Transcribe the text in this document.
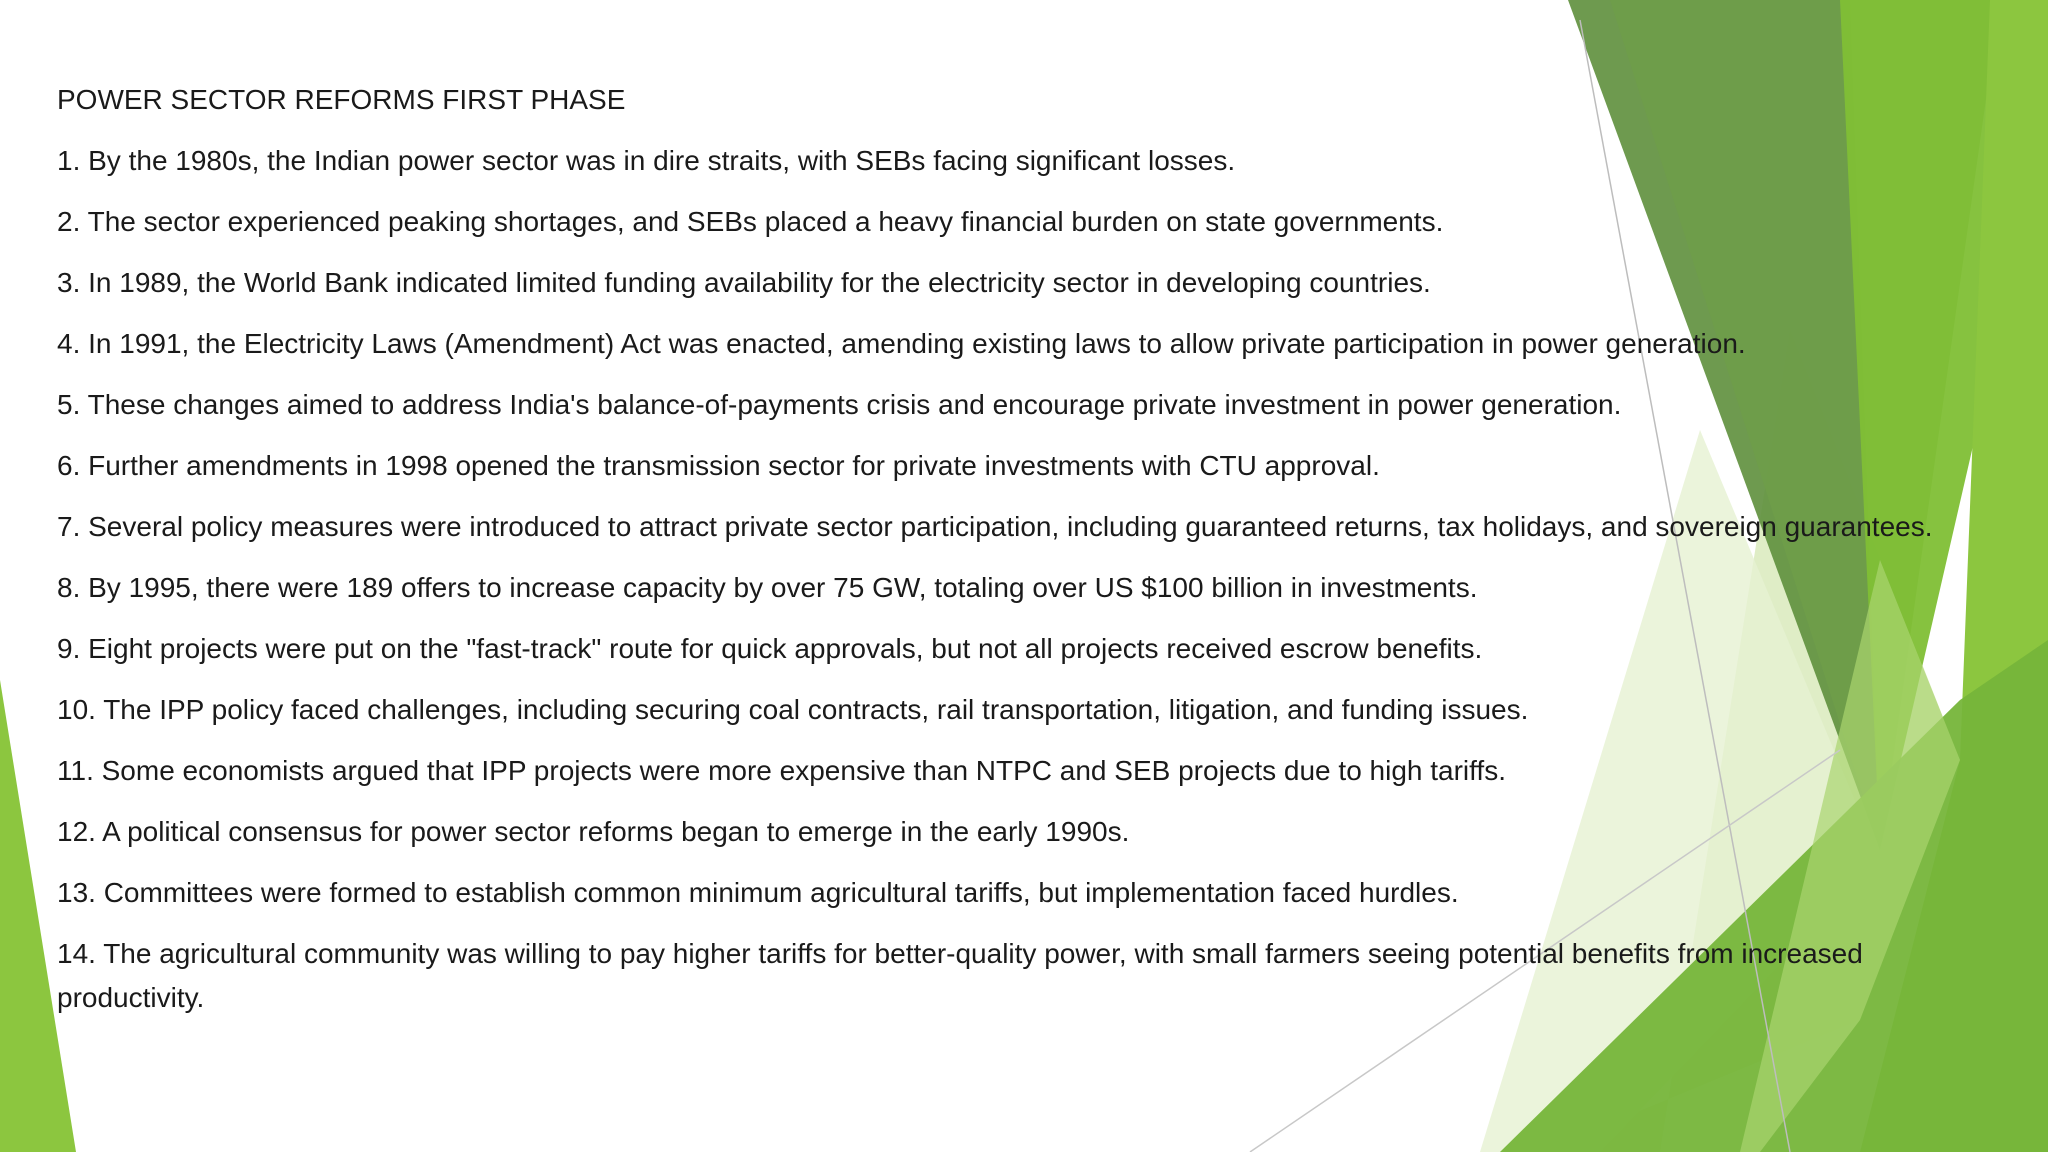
POWER SECTOR REFORMS FIRST PHASE
1. By the 1980s, the Indian power sector was in dire straits, with SEBs facing significant losses.
2. The sector experienced peaking shortages, and SEBs placed a heavy financial burden on state governments.
3. In 1989, the World Bank indicated limited funding availability for the electricity sector in developing countries.
4. In 1991, the Electricity Laws (Amendment) Act was enacted, amending existing laws to allow private participation in power generation.
5. These changes aimed to address India's balance-of-payments crisis and encourage private investment in power generation.
6. Further amendments in 1998 opened the transmission sector for private investments with CTU approval.
7. Several policy measures were introduced to attract private sector participation, including guaranteed returns, tax holidays, and sovereign guarantees.
8. By 1995, there were 189 offers to increase capacity by over 75 GW, totaling over US $100 billion in investments.
9. Eight projects were put on the "fast-track" route for quick approvals, but not all projects received escrow benefits.
10. The IPP policy faced challenges, including securing coal contracts, rail transportation, litigation, and funding issues.
11. Some economists argued that IPP projects were more expensive than NTPC and SEB projects due to high tariffs.
12. A political consensus for power sector reforms began to emerge in the early 1990s.
13. Committees were formed to establish common minimum agricultural tariffs, but implementation faced hurdles.
14. The agricultural community was willing to pay higher tariffs for better-quality power, with small farmers seeing potential benefits from increased productivity.
